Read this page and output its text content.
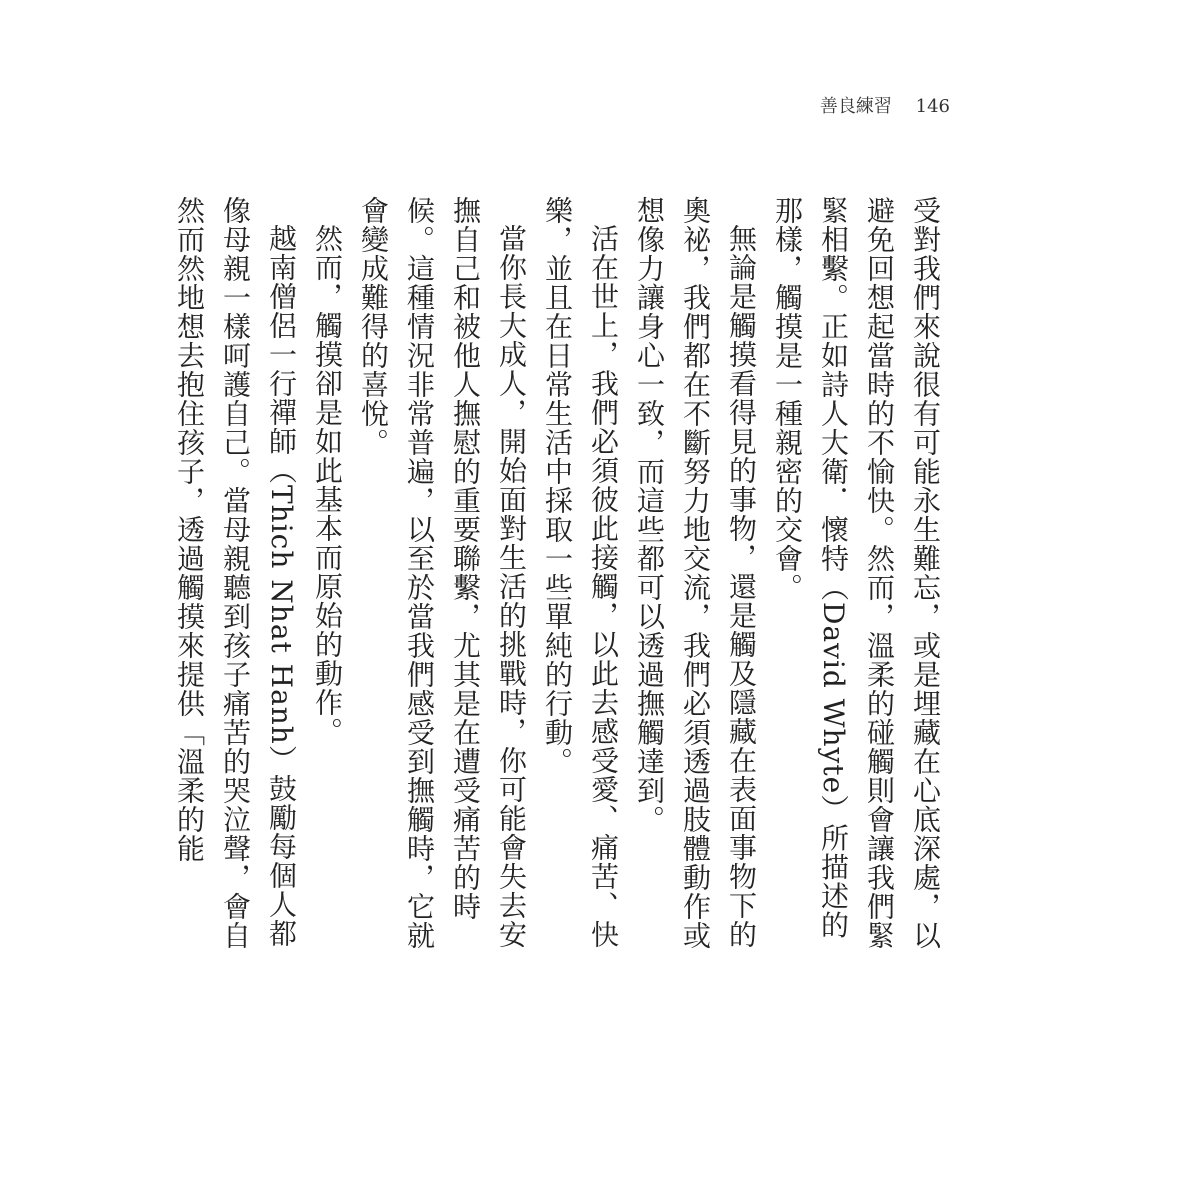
善良練習 146

受對我們來說很有可能永生難忘，或是埋藏在心底深處，以避免回想起當時的不愉快。然而，溫柔的碰觸則會讓我們緊緊相繫。正如詩人大衛．懷特（David Whyte）所描述的那樣，觸摸是一種親密的交會。

無論是觸摸看得見的事物，還是觸及隱藏在表面事物下的奧祕，我們都在不斷努力地交流，我們必須透過肢體動作或想像力讓身心一致，而這些都可以透過撫觸達到。

活在世上，我們必須彼此接觸，以此去感受愛、痛苦、快樂，並且在日常生活中採取一些單純的行動。

當你長大成人，開始面對生活的挑戰時，你可能會失去安撫自己和被他人撫慰的重要聯繫，尤其是在遭受痛苦的時候。這種情況非常普遍，以至於當我們感受到撫觸時，它就會變成難得的喜悅。

然而，觸摸卻是如此基本而原始的動作。

越南僧侶一行禪師（Thich Nhat Hanh）鼓勵每個人都像母親一樣呵護自己。當母親聽到孩子痛苦的哭泣聲，會自然而然地想去抱住孩子，透過觸摸來提供「溫柔的能
